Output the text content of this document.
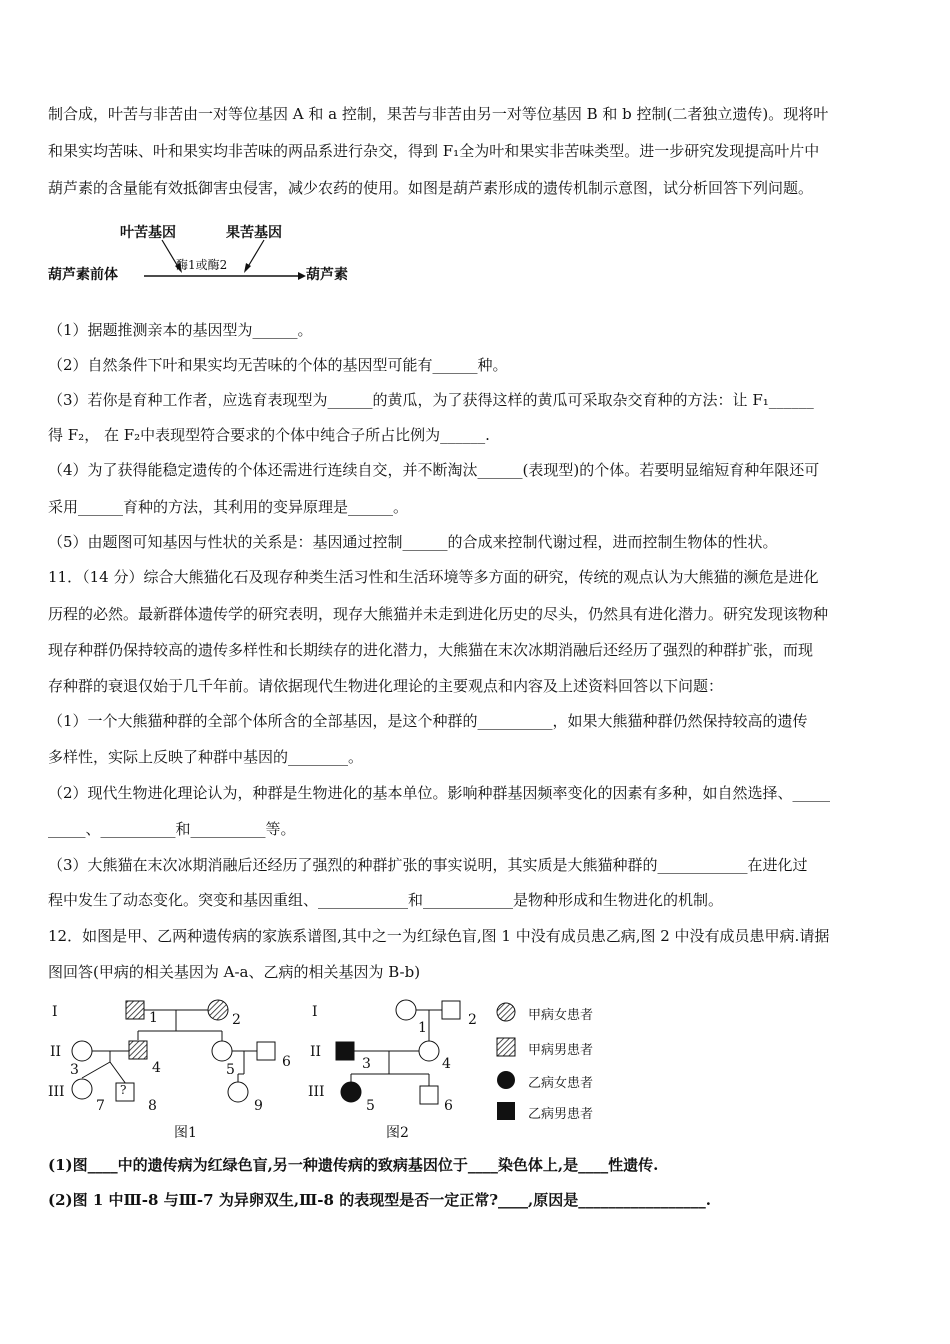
制合成，叶苦与非苦由一对等位基因 A 和 a 控制，果苦与非苦由另一对等位基因 B 和 b 控制(二者独立遗传)。现将叶
和果实均苦味、叶和果实均非苦味的两品系进行杂交，得到 F₁全为叶和果实非苦味类型。进一步研究发现提高叶片中
葫芦素的含量能有效抵御害虫侵害，减少农药的使用。如图是葫芦素形成的遗传机制示意图，试分析回答下列问题。
叶苦基因	果苦基因
酶1或酶2
葫芦素前体	葫芦素
（1）据题推测亲本的基因型为______。
（2）自然条件下叶和果实均无苦味的个体的基因型可能有______种。
（3）若你是育种工作者，应选育表现型为______的黄瓜，为了获得这样的黄瓜可采取杂交育种的方法：让 F₁______
得 F₂， 在 F₂中表现型符合要求的个体中纯合子所占比例为______.
（4）为了获得能稳定遗传的个体还需进行连续自交，并不断淘汰______(表现型)的个体。若要明显缩短育种年限还可
采用______育种的方法，其利用的变异原理是______。
（5）由题图可知基因与性状的关系是：基因通过控制______的合成来控制代谢过程，进而控制生物体的性状。
11．（14 分）综合大熊猫化石及现存种类生活习性和生活环境等多方面的研究，传统的观点认为大熊猫的濒危是进化
历程的必然。最新群体遗传学的研究表明，现存大熊猫并未走到进化历史的尽头，仍然具有进化潜力。研究发现该物种
现存种群仍保持较高的遗传多样性和长期续存的进化潜力，大熊猫在末次冰期消融后还经历了强烈的种群扩张，而现
存种群的衰退仅始于几千年前。请依据现代生物进化理论的主要观点和内容及上述资料回答以下问题：
（1）一个大熊猫种群的全部个体所含的全部基因，是这个种群的__________，如果大熊猫种群仍然保持较高的遗传
多样性，实际上反映了种群中基因的________。
（2）现代生物进化理论认为，种群是生物进化的基本单位。影响种群基因频率变化的因素有多种，如自然选择、_____
_____、__________和__________等。
（3）大熊猫在末次冰期消融后还经历了强烈的种群扩张的事实说明，其实质是大熊猫种群的____________在进化过
程中发生了动态变化。突变和基因重组、____________和____________是物种形成和生物进化的机制。
12．如图是甲、乙两种遗传病的家族系谱图,其中之一为红绿色盲,图 1 中没有成员患乙病,图 2 中没有成员患甲病.请据
图回答(甲病的相关基因为 A-a、乙病的相关基因为 B-b)
I
II
III
I
II
III
1	2
3	4	5	6
7	8	9
?
1	2
3	4
5	6
图1	图2
甲病女患者
甲病男患者
乙病女患者
乙病男患者
(1)图____中的遗传病为红绿色盲,另一种遗传病的致病基因位于____染色体上,是____性遗传.
(2)图 1 中Ⅲ-8 与Ⅲ-7 为异卵双生,Ⅲ-8 的表现型是否一定正常?____,原因是_________________.
